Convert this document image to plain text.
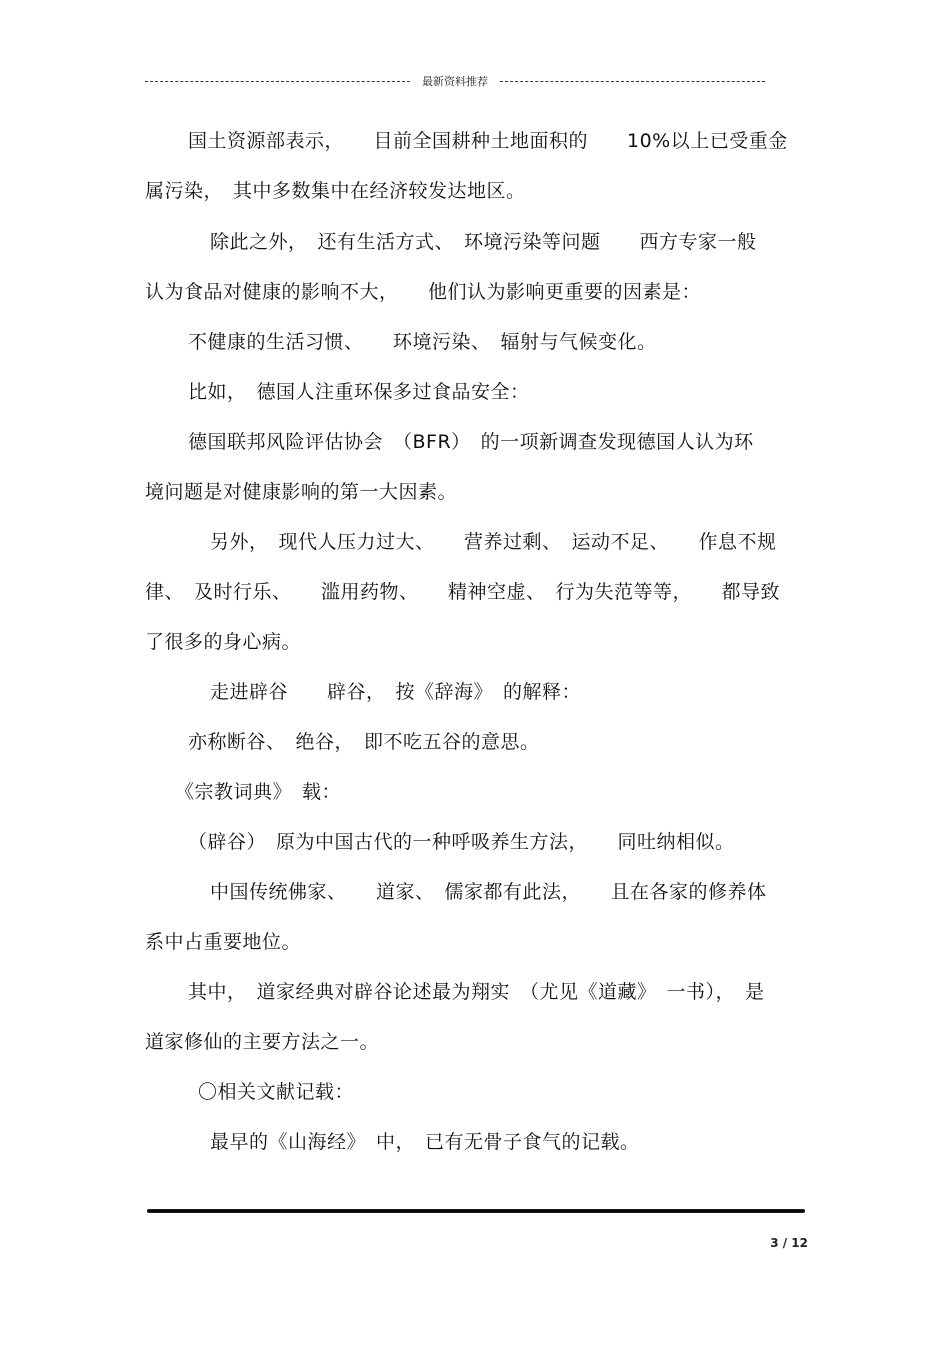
最新资料推荐
国土资源部表示，　　目前全国耕种土地面积的　　10%以上已受重金
属污染，　其中多数集中在经济较发达地区。
除此之外，　还有生活方式、　环境污染等问题　　西方专家一般
认为食品对健康的影响不大，　　他们认为影响更重要的因素是：
不健康的生活习惯、　　环境污染、　辐射与气候变化。
比如，　德国人注重环保多过食品安全：
德国联邦风险评估协会　（BFR）　的一项新调查发现德国人认为环
境问题是对健康影响的第一大因素。
另外，　现代人压力过大、　　营养过剩、　运动不足、　　作息不规
律、　及时行乐、　　滥用药物、　　精神空虚、　行为失范等等，　　都导致
了很多的身心病。
走进辟谷　　辟谷，　按《辞海》　的解释：
亦称断谷、　绝谷，　即不吃五谷的意思。
《宗教词典》　载：
（辟谷）　原为中国古代的一种呼吸养生方法，　　同吐纳相似。
中国传统佛家、　　道家、　儒家都有此法，　　且在各家的修养体
系中占重要地位。
其中，　道家经典对辟谷论述最为翔实　（尤见《道藏》　一书），　是
道家修仙的主要方法之一。
〇相关文献记载：
最早的《山海经》　中，　已有无骨子食气的记载。
3 / 12
